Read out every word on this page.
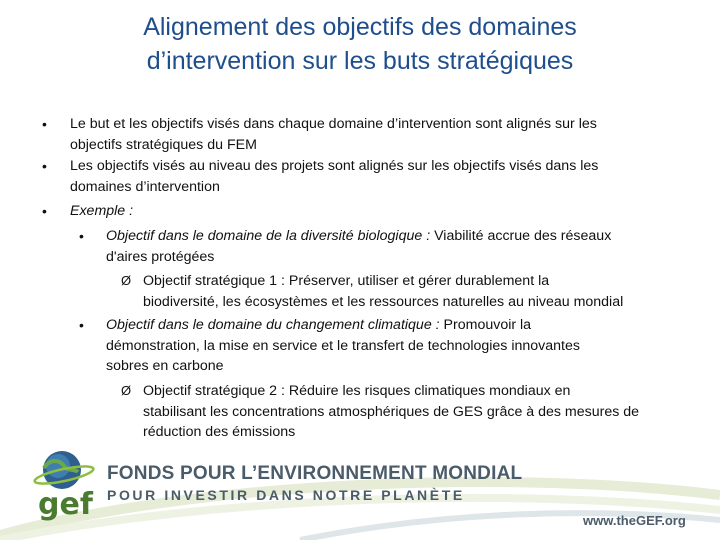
Alignement des objectifs des domaines
d’intervention sur les buts stratégiques
• Le but et les objectifs visés dans chaque domaine d’intervention sont alignés sur les
objectifs stratégiques du FEM
• Les objectifs visés au niveau des projets sont alignés sur les objectifs visés dans les
domaines d’intervention
• Exemple :
• Objectif dans le domaine de la diversité biologique : Viabilité accrue des réseaux
d'aires protégées
Ø Objectif stratégique 1 : Préserver, utiliser et gérer durablement la
biodiversité, les écosystèmes et les ressources naturelles au niveau mondial
• Objectif dans le domaine du changement climatique : Promouvoir la
démonstration, la mise en service et le transfert de technologies innovantes
sobres en carbone
Ø Objectif stratégique 2 : Réduire les risques climatiques mondiaux en
stabilisant les concentrations atmosphériques de GES grâce à des mesures de
réduction des émissions
gef
FONDS POUR L’ENVIRONNEMENT MONDIAL
POUR INVESTIR DANS NOTRE PLANÈTE
www.theGEF.org
